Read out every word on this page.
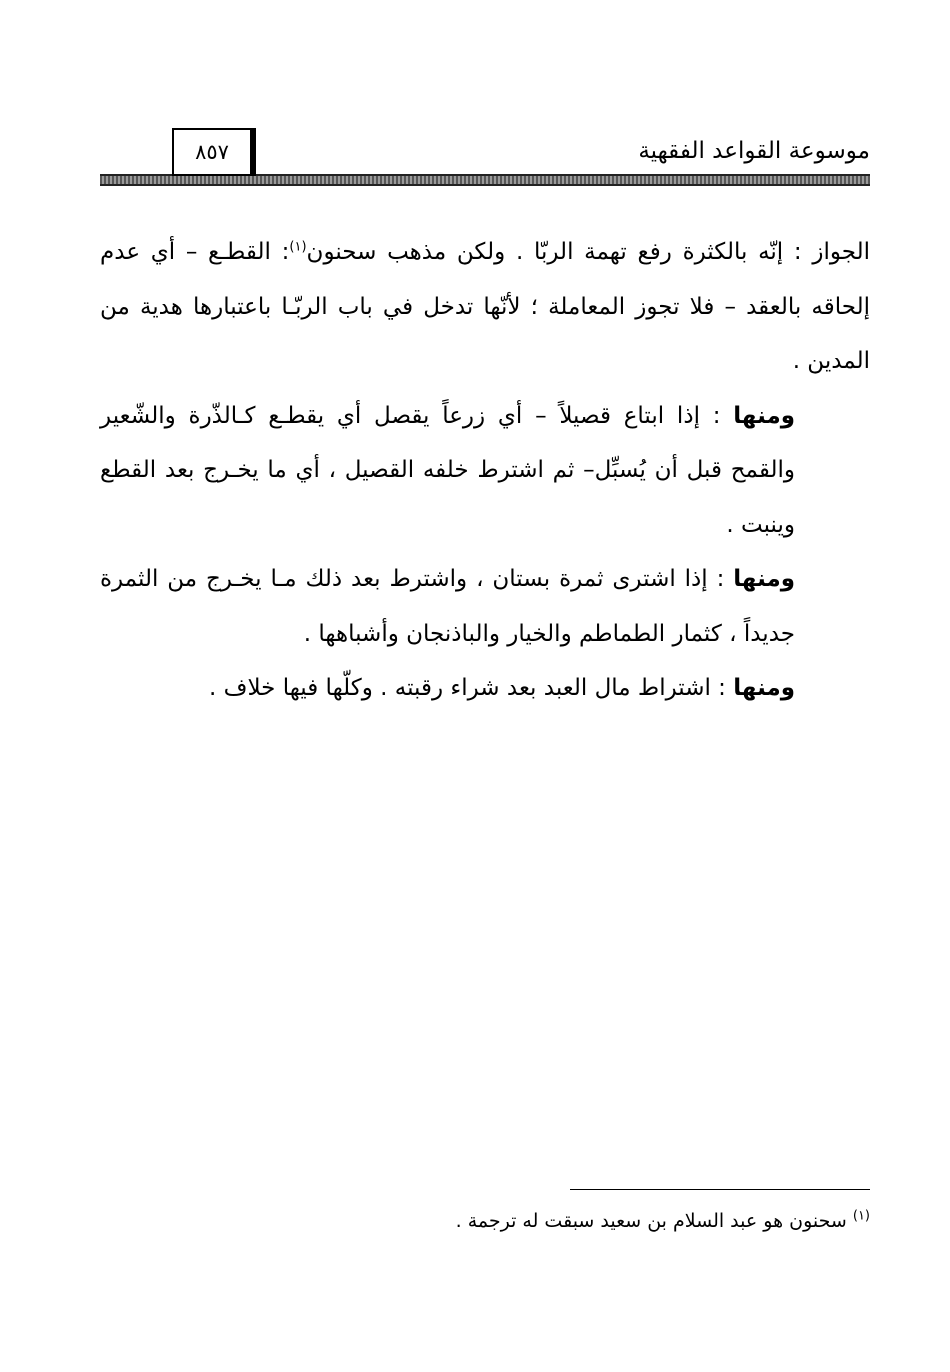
موسوعة القواعد الفقهية
٨٥٧

الجواز : إنّه بالكثرة رفع تهمة الربّا . ولكن مذهب سحنون$^{(١)}$: القطـع – أي عدم إلحاقه بالعقد – فلا تجوز المعاملة ؛ لأنّها تدخل في باب الربّـا باعتبارها هدية من المدين .

ومنها : إذا ابتاع قصيلاً – أي زرعاً يقصل أي يقطـع كـالذّرة والشّعير والقمح قبل أن يُسبِّل– ثم اشترط خلفه القصيل ، أي ما يخـرج بعد القطع وينبت .

ومنها : إذا اشترى ثمرة بستان ، واشترط بعد ذلك مـا يخـرج من الثمرة جديداً ، كثمار الطماطم والخيار والباذنجان وأشباهها .

ومنها : اشتراط مال العبد بعد شراء رقبته . وكلّها فيها خلاف .

$^{(١)}$ سحنون هو عبد السلام بن سعيد سبقت له ترجمة .
